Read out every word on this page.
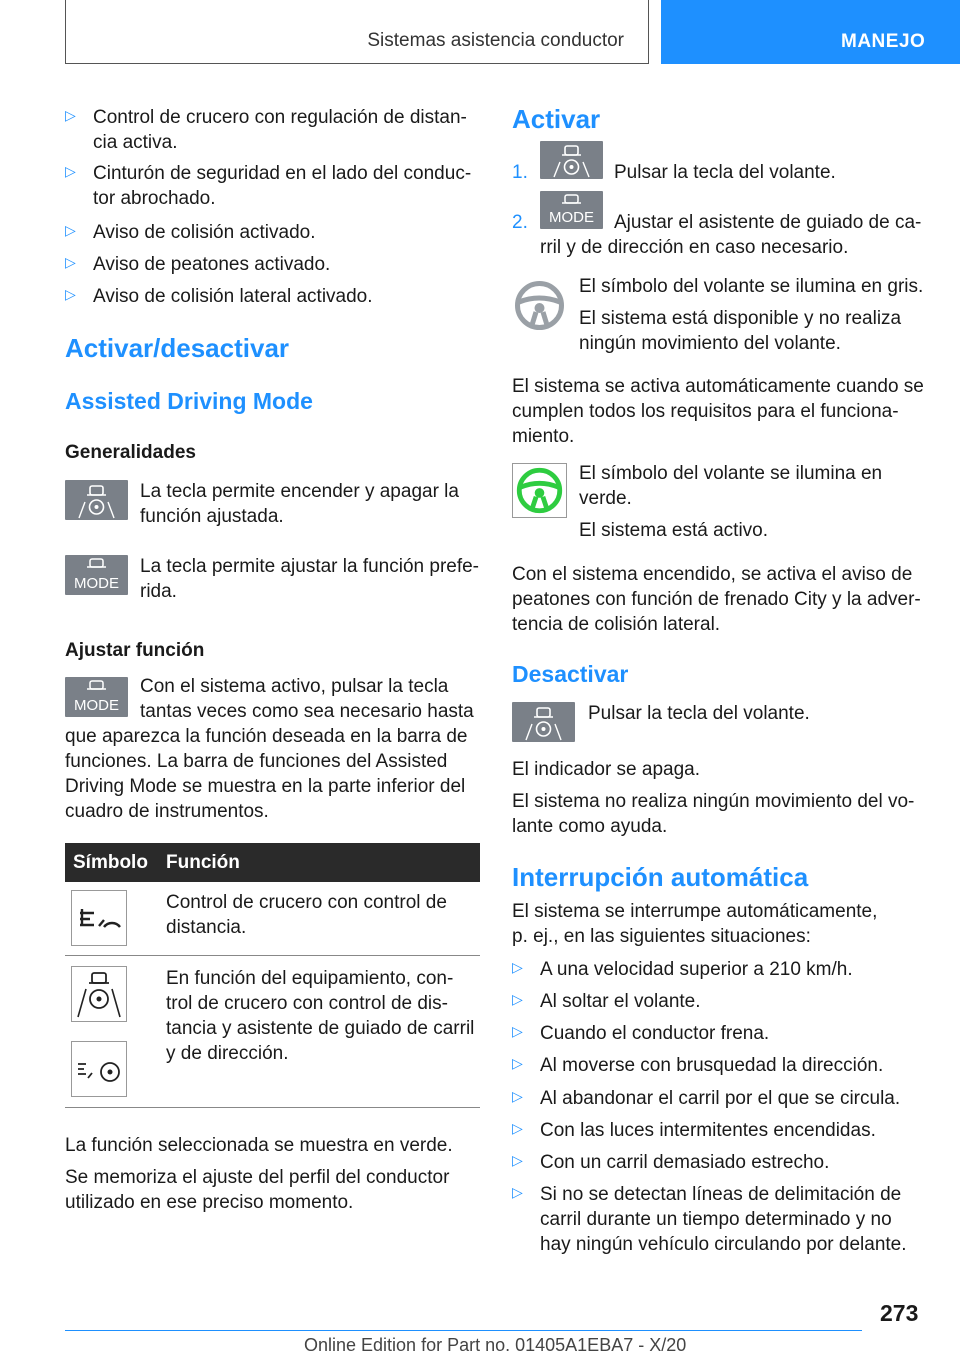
Sistemas asistencia conductor	MANEJO
▷ Control de crucero con regulación de distan-
cia activa.
▷ Cinturón de seguridad en el lado del conduc-
tor abrochado.
▷ Aviso de colisión activado.
▷ Aviso de peatones activado.
▷ Aviso de colisión lateral activado.
Activar/desactivar
Assisted Driving Mode
Generalidades
La tecla permite encender y apagar la
función ajustada.
MODE
La tecla permite ajustar la función prefe-
rida.
Ajustar función
MODE
Con el sistema activo, pulsar la tecla
tantas veces como sea necesario hasta
que aparezca la función deseada en la barra de
funciones. La barra de funciones del Assisted
Driving Mode se muestra en la parte inferior del
cuadro de instrumentos.
Símbolo Función
Control de crucero con control de
distancia.
En función del equipamiento, con-
trol de crucero con control de dis-
tancia y asistente de guiado de carril
y de dirección.
La función seleccionada se muestra en verde.
Se memoriza el ajuste del perfil del conductor
utilizado en ese preciso momento.
Activar
1.	Pulsar la tecla del volante.
2. MODE Ajustar el asistente de guiado de ca-
rril y de dirección en caso necesario.
El símbolo del volante se ilumina en gris.
El sistema está disponible y no realiza
ningún movimiento del volante.
El sistema se activa automáticamente cuando se
cumplen todos los requisitos para el funciona-
miento.
El símbolo del volante se ilumina en
verde.
El sistema está activo.
Con el sistema encendido, se activa el aviso de
peatones con función de frenado City y la adver-
tencia de colisión lateral.
Desactivar
Pulsar la tecla del volante.
El indicador se apaga.
El sistema no realiza ningún movimiento del vo-
lante como ayuda.
Interrupción automática
El sistema se interrumpe automáticamente,
p. ej., en las siguientes situaciones:
▷ A una velocidad superior a 210 km/h.
▷ Al soltar el volante.
▷ Cuando el conductor frena.
▷ Al moverse con brusquedad la dirección.
▷ Al abandonar el carril por el que se circula.
▷ Con las luces intermitentes encendidas.
▷ Con un carril demasiado estrecho.
▷ Si no se detectan líneas de delimitación de
carril durante un tiempo determinado y no
hay ningún vehículo circulando por delante.
273
Online Edition for Part no. 01405A1EBA7 - X/20
